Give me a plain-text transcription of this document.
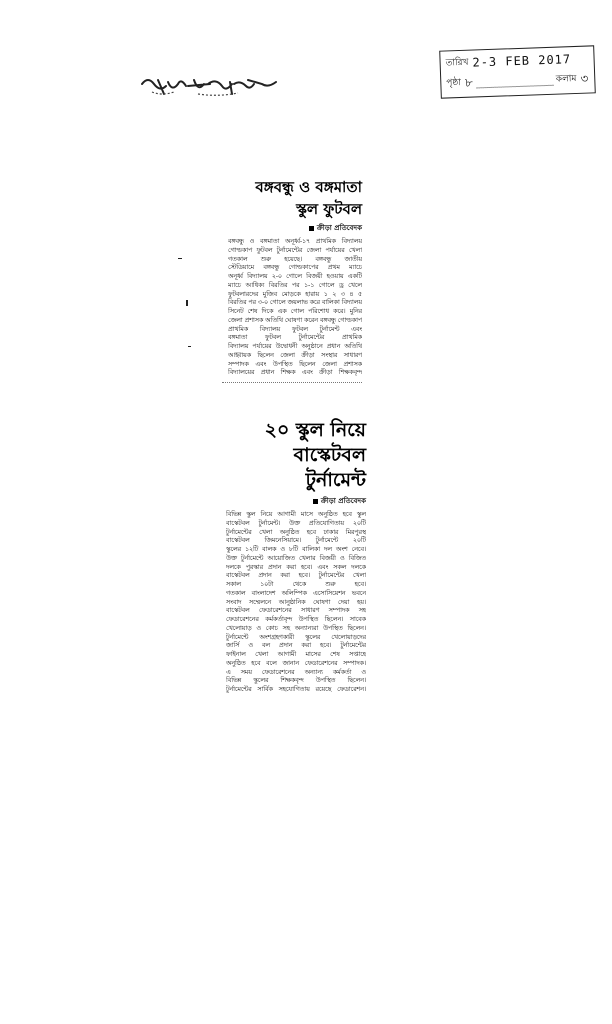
তারিখ 2-3 FEB 2017
পৃষ্ঠা ৮	কলাম ৩
বঙ্গবন্ধু ও বঙ্গমাতা
স্কুল ফুটবল
ক্রীড়া প্রতিবেদক
বঙ্গবন্ধু ও বঙ্গমাতা অনূর্ধ্ব-১৭ প্রাথমিক বিদ্যালয়
গোল্ডকাপ ফুটবল টুর্নামেন্টের জেলা পর্যায়ের খেলা
গতকাল শুরু হয়েছে। বঙ্গবন্ধু জাতীয়
স্টেডিয়ামে বঙ্গবন্ধু গোল্ডকাপের প্রথম ম্যাচে
অনূর্ধ্ব বিদ্যালয় ২-০ গোলে বিজয়ী হওয়ায় একটি
ম্যাচে আধিক্য বিরতির পর ১-১ গোলে ড্র খেলে
ফুটবলারদের মুজিব মোড়কে হারায় ১ ২ ৩ ৪ ৫
বিরতির পর ৩-০ গোলে জয়লাভ করে বালিকা বিদ্যালয়
সিনেট শেষ দিকে এক গোল পরিশোধ করে। মুনির
জেলা প্রশাসক অতিথি ঘোষণা করেন বঙ্গবন্ধু গোল্ডকাপ
প্রাথমিক বিদ্যালয় ফুটবল টুর্নামেন্ট এবং
বঙ্গমাতা ফুটবল টুর্নামেন্টের প্রাথমিক
বিদ্যালয় পর্যায়ের উদ্বোধনী অনুষ্ঠানে প্রধান অতিথি
আহ্বায়ক ছিলেন জেলা ক্রীড়া সংস্থার সাধারণ
সম্পাদক এবং উপস্থিত ছিলেন জেলা প্রশাসক
বিদ্যালয়ের প্রধান শিক্ষক এবং ক্রীড়া শিক্ষকবৃন্দ
২০ স্কুল নিয়ে
বাস্কেটবল
টুর্নামেন্ট
ক্রীড়া প্রতিবেদক
বিভিন্ন স্কুল নিয়ে আগামী মাসে অনুষ্ঠিত হবে স্কুল
বাস্কেটবল টুর্নামেন্ট। উক্ত প্রতিযোগিতায় ২০টি
টুর্নামেন্টের খেলা অনুষ্ঠিত হবে ঢাকার মিরপুরস্থ
বাস্কেটবল জিমনেসিয়ামে। টুর্নামেন্টে ২০টি
স্কুলের ১২টি বালক ও ৮টি বালিকা দল অংশ নেবে।
উক্ত টুর্নামেন্টে আয়োজিত খেলার বিজয়ী ও বিজিত
দলকে পুরস্কার প্রদান করা হবে। এবং সকল দলকে
বাস্কেটবল প্রদান করা হবে। টুর্নামেন্টের খেলা
সকাল ১০টা থেকে শুরু হবে।
গতকাল বাংলাদেশ অলিম্পিক এসোসিয়েশন ভবনে
সংবাদ সম্মেলনে আনুষ্ঠানিক ঘোষণা দেয়া হয়।
বাস্কেটবল ফেডারেশনের সাধারণ সম্পাদক সহ
ফেডারেশনের কর্মকর্তাবৃন্দ উপস্থিত ছিলেন। সাবেক
খেলোয়াড় ও কোচ সহ অন্যান্যরা উপস্থিত ছিলেন।
টুর্নামেন্টে অংশগ্রহণকারী স্কুলের খেলোয়াড়দের
জার্সি ও বল প্রদান করা হবে। টুর্নামেন্টের
ফাইনাল খেলা আগামী মাসের শেষ সপ্তাহে
অনুষ্ঠিত হবে বলে জানান ফেডারেশনের সম্পাদক।
এ সময় ফেডারেশনের অন্যান্য কর্মকর্তা ও
বিভিন্ন স্কুলের শিক্ষকবৃন্দ উপস্থিত ছিলেন।
টুর্নামেন্টের সার্বিক সহযোগিতায় রয়েছে ফেডারেশন।
